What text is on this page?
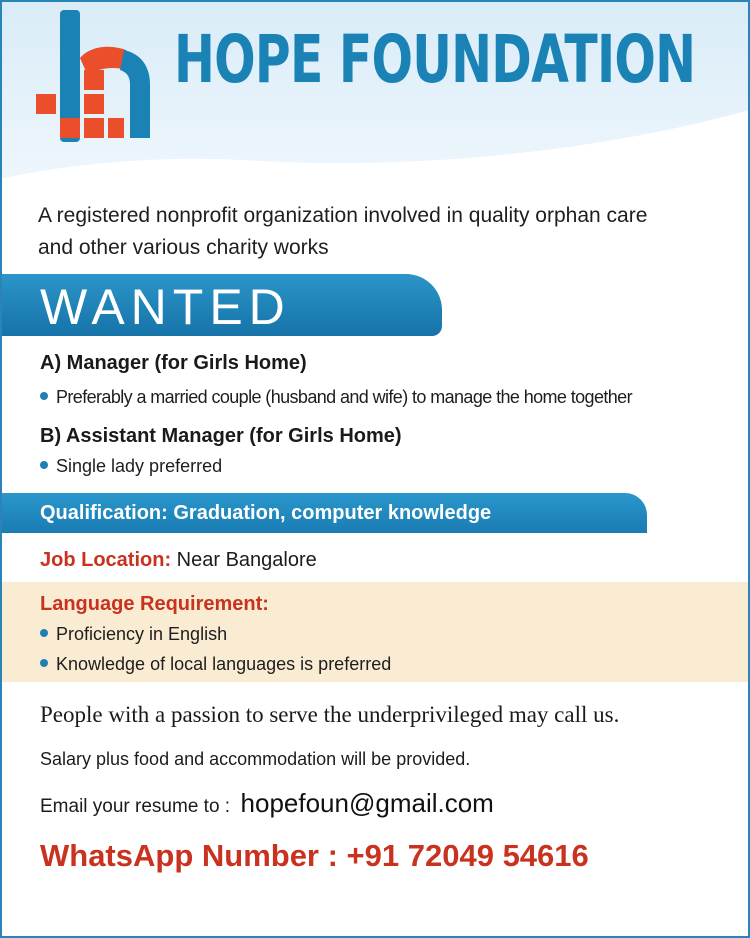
HOPE FOUNDATION
A registered nonprofit organization involved in quality orphan care
and other various charity works
WANTED
A) Manager (for Girls Home)
Preferably a married couple (husband and wife) to manage the home together
B) Assistant Manager (for Girls Home)
Single lady preferred
Qualification: Graduation, computer knowledge
Job Location: Near Bangalore
Language Requirement:
Proficiency in English
Knowledge of local languages is preferred
People with a passion to serve the underprivileged may call us.
Salary plus food and accommodation will be provided.
Email your resume to : hopefoun@gmail.com
WhatsApp Number : +91 72049 54616
